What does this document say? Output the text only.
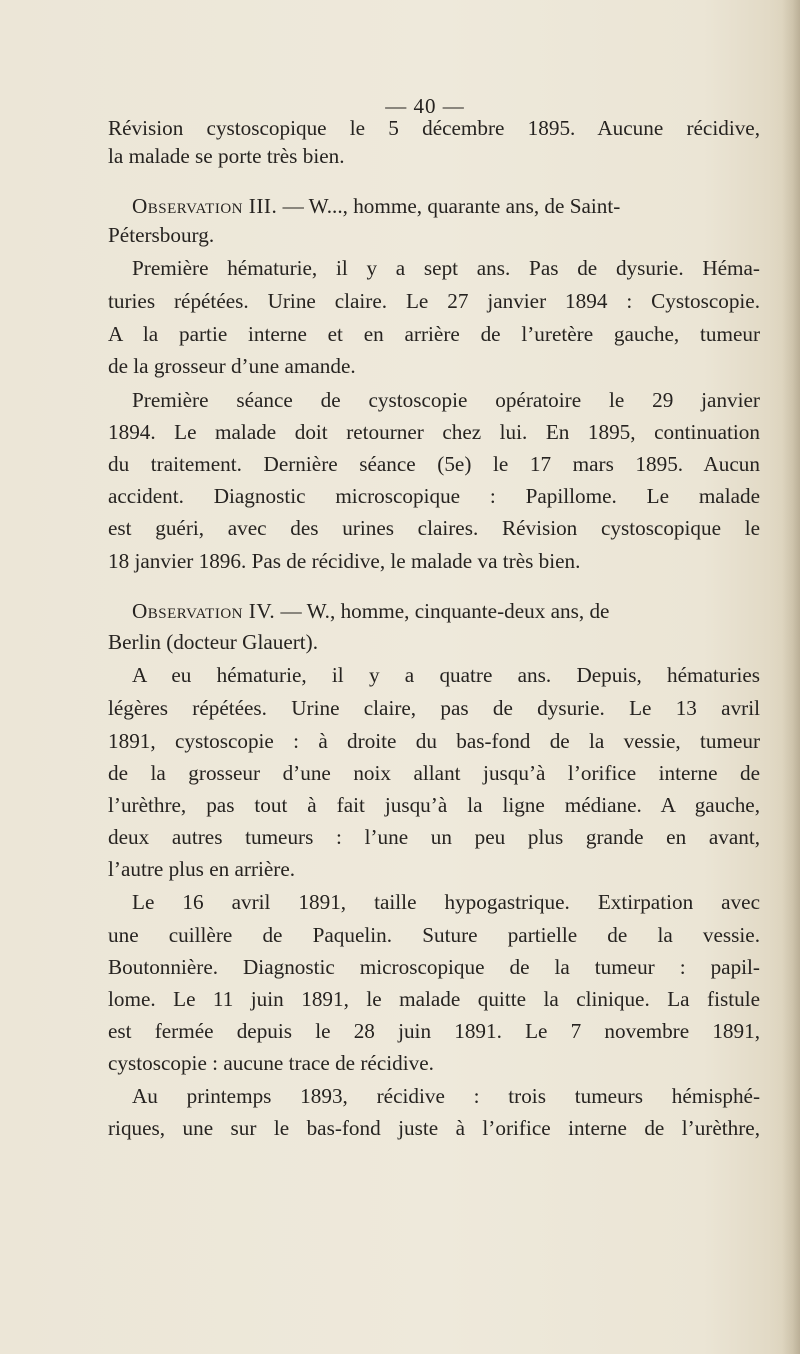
— 40 —
Révision cystoscopique le 5 décembre 1895. Aucune récidive,
la malade se porte très bien.
Observation III. — W..., homme, quarante ans, de Saint-
Pétersbourg.
Première hématurie, il y a sept ans. Pas de dysurie. Héma-
turies répétées. Urine claire. Le 27 janvier 1894 : Cystoscopie.
A la partie interne et en arrière de l’uretère gauche, tumeur
de la grosseur d’une amande.
Première séance de cystoscopie opératoire le 29 janvier
1894. Le malade doit retourner chez lui. En 1895, continuation
du traitement. Dernière séance (5e) le 17 mars 1895. Aucun
accident. Diagnostic microscopique : Papillome. Le malade
est guéri, avec des urines claires. Révision cystoscopique le
18 janvier 1896. Pas de récidive, le malade va très bien.
Observation IV. — W., homme, cinquante-deux ans, de
Berlin (docteur Glauert).
A eu hématurie, il y a quatre ans. Depuis, hématuries
légères répétées. Urine claire, pas de dysurie. Le 13 avril
1891, cystoscopie : à droite du bas-fond de la vessie, tumeur
de la grosseur d’une noix allant jusqu’à l’orifice interne de
l’urèthre, pas tout à fait jusqu’à la ligne médiane. A gauche,
deux autres tumeurs : l’une un peu plus grande en avant,
l’autre plus en arrière.
Le 16 avril 1891, taille hypogastrique. Extirpation avec
une cuillère de Paquelin. Suture partielle de la vessie.
Boutonnière. Diagnostic microscopique de la tumeur : papil-
lome. Le 11 juin 1891, le malade quitte la clinique. La fistule
est fermée depuis le 28 juin 1891. Le 7 novembre 1891,
cystoscopie : aucune trace de récidive.
Au printemps 1893, récidive : trois tumeurs hémisphé-
riques, une sur le bas-fond juste à l’orifice interne de l’urèthre,
